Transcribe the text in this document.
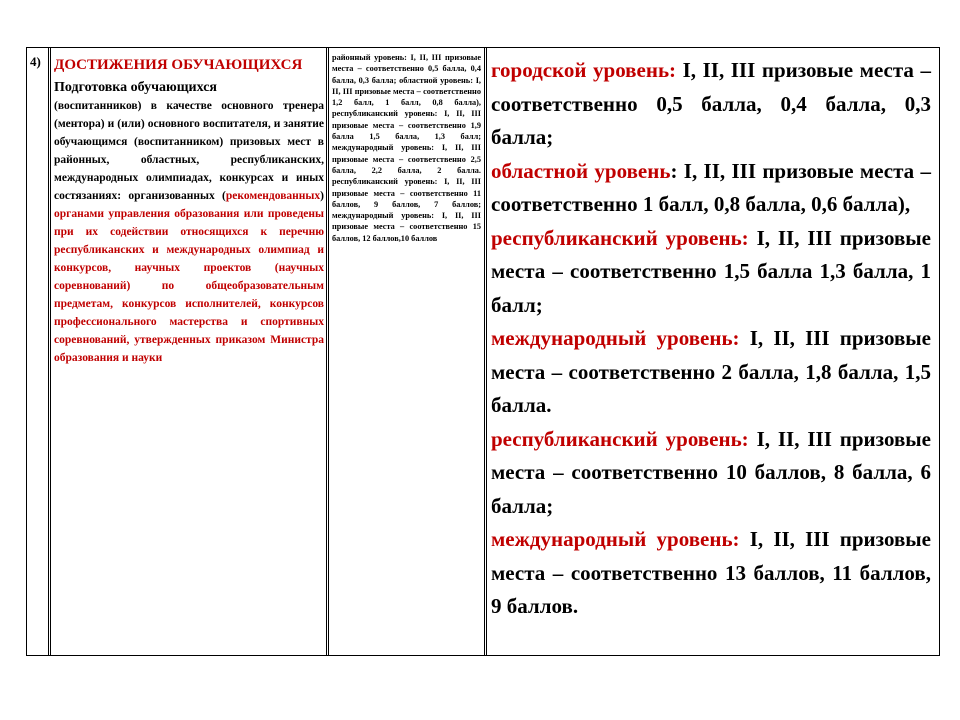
4) ДОСТИЖЕНИЯ ОБУЧАЮЩИХСЯ

Подготовка обучающихся

(воспитанников) в качестве основного тренера (ментора) и (или) основного воспитателя, и занятие обучающимся (воспитанником) призовых мест в районных, областных, республиканских, международных олимпиадах, конкурсах и иных состязаниях: организованных (рекомендованных) органами управления образования или проведены при их содействии относящихся к перечню республиканских и международных олимпиад и конкурсов, научных проектов (научных соревнований) по общеобразовательным предметам, конкурсов исполнителей, конкурсов профессионального мастерства и спортивных соревнований, утвержденных приказом Министра образования и науки

районный уровень: I, II, III призовые места – соответственно 0,5 балла, 0,4 балла, 0,3 балла; областной уровень: I, II, III призовые места – соответственно 1,2 балл, 1 балл, 0,8 балла), республиканский уровень: I, II, III призовые места – соответственно 1,9 балла 1,5 балла, 1,3 балл; международный уровень: I, II, III призовые места – соответственно 2,5 балла, 2,2 балла, 2 балла. республиканский уровень: I, II, III призовые места – соответственно 11 баллов, 9 баллов, 7 баллов; международный уровень: I, II, III призовые места – соответственно 15 баллов, 12 баллов,10 баллов

городской уровень: I, II, III призовые места – соответственно 0,5 балла, 0,4 балла, 0,3 балла;

областной уровень: I, II, III призовые места – соответственно 1 балл, 0,8 балла, 0,6 балла),

республиканский уровень: I, II, III призовые места – соответственно 1,5 балла 1,3 балла, 1 балл;

международный уровень: I, II, III призовые места – соответственно 2 балла, 1,8 балла, 1,5 балла.

республиканский уровень: I, II, III призовые места – соответственно 10 баллов, 8 балла, 6 балла;

международный уровень: I, II, III призовые места – соответственно 13 баллов, 11 баллов, 9 баллов.
